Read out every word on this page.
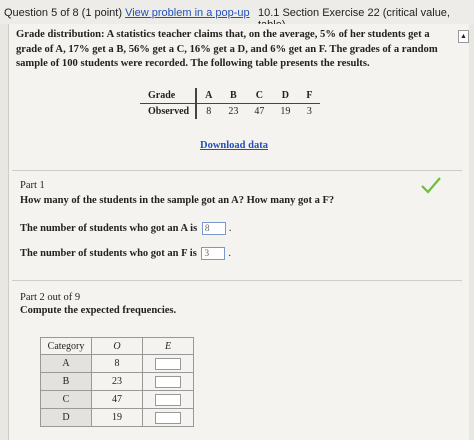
Question 5 of 8 (1 point) View problem in a pop-up 10.1 Section Exercise 22 (critical value,
Grade distribution: A statistics teacher claims that, on the average, 5% of her students get a grade of A, 17% get a B, 56% get a C, 16% get a D, and 6% get an F. The grades of a random sample of 100 students were recorded. The following table presents the results.
▲
Grade	A	B	C	D	F
Observed	8	23	47	19	3
Download data
Part 1
How many of the students in the sample got an A? How many got a F?
The number of students who got an A is 8 .
The number of students who got an F is 3 .
Part 2 out of 9
Compute the expected frequencies.
Category	O	E
A	8	
B	23	
C	47	
D	19	
